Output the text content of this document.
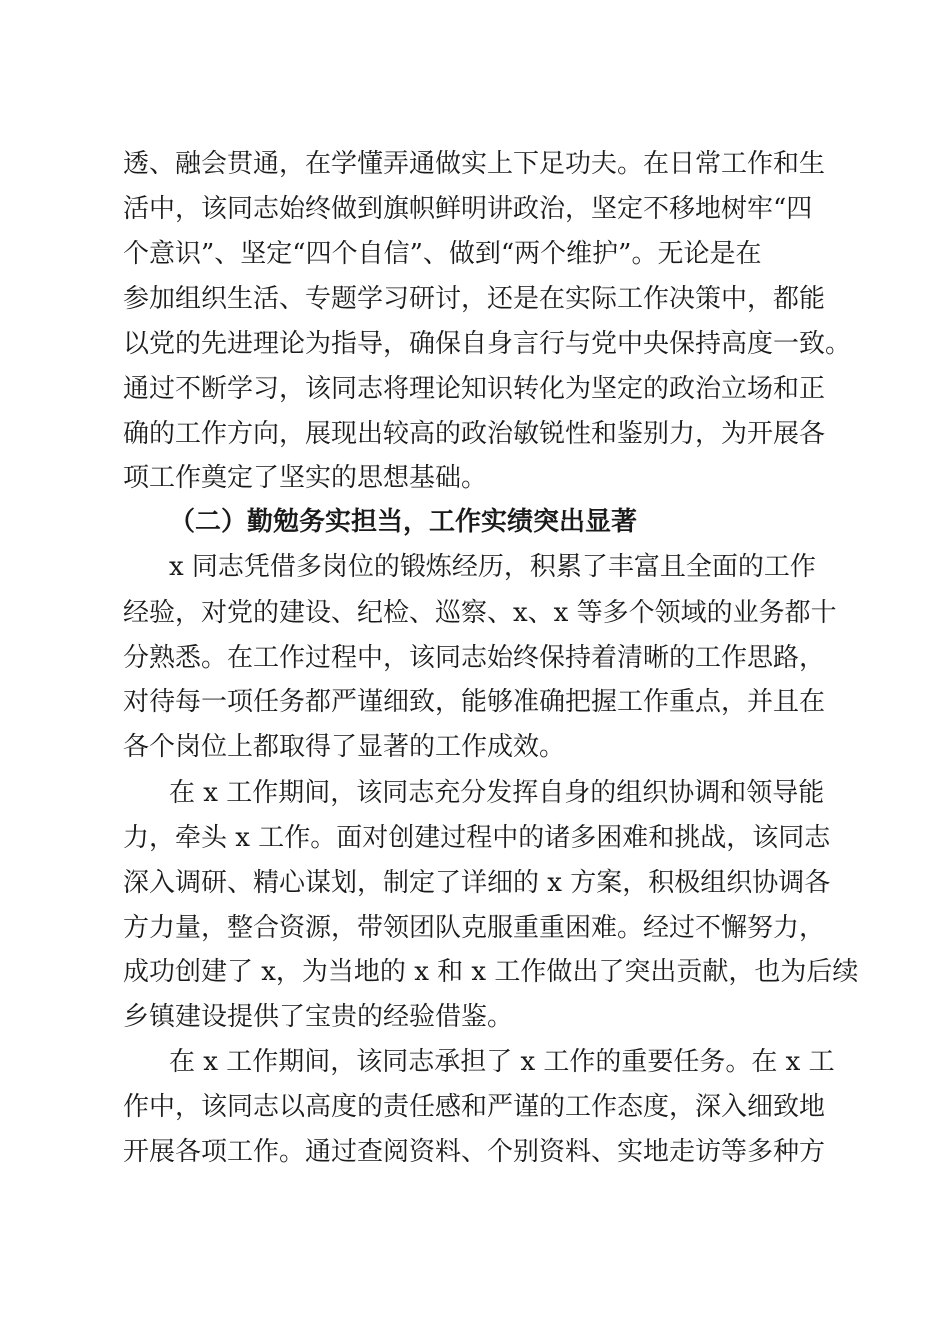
透、融会贯通，在学懂弄通做实上下足功夫。在日常工作和生

活中，该同志始终做到旗帜鲜明讲政治，坚定不移地树牢“四

个意识”、坚定“四个自信”、做到“两个维护”。无论是在

参加组织生活、专题学习研讨，还是在实际工作决策中，都能

以党的先进理论为指导，确保自身言行与党中央保持高度一致。

通过不断学习，该同志将理论知识转化为坚定的政治立场和正

确的工作方向，展现出较高的政治敏锐性和鉴别力，为开展各

项工作奠定了坚实的思想基础。

（二）勤勉务实担当，工作实绩突出显著

x 同志凭借多岗位的锻炼经历，积累了丰富且全面的工作

经验，对党的建设、纪检、巡察、x、x 等多个领域的业务都十

分熟悉。在工作过程中，该同志始终保持着清晰的工作思路，

对待每一项任务都严谨细致，能够准确把握工作重点，并且在

各个岗位上都取得了显著的工作成效。

在 x 工作期间，该同志充分发挥自身的组织协调和领导能

力，牵头 x 工作。面对创建过程中的诸多困难和挑战，该同志

深入调研、精心谋划，制定了详细的 x 方案，积极组织协调各

方力量，整合资源，带领团队克服重重困难。经过不懈努力，

成功创建了 x，为当地的 x 和 x 工作做出了突出贡献，也为后续

乡镇建设提供了宝贵的经验借鉴。

在 x 工作期间，该同志承担了 x 工作的重要任务。在 x 工

作中，该同志以高度的责任感和严谨的工作态度，深入细致地

开展各项工作。通过查阅资料、个别资料、实地走访等多种方
